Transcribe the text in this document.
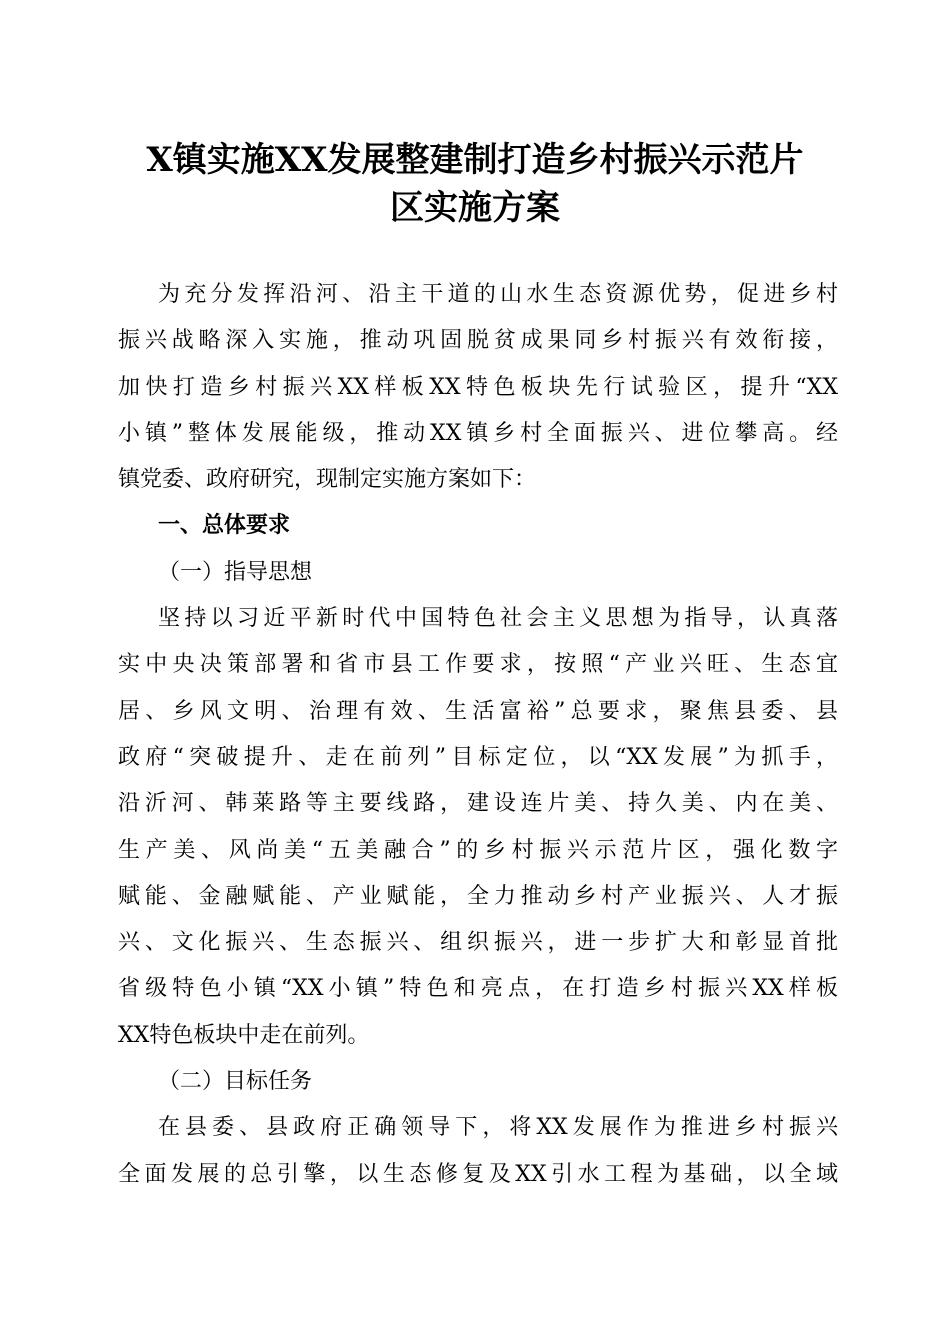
X镇实施XX发展整建制打造乡村振兴示范片
区实施方案
为充分发挥沿河、沿主干道的山水生态资源优势，促进乡村
振兴战略深入实施，推动巩固脱贫成果同乡村振兴有效衔接，
加快打造乡村振兴XX样板XX特色板块先行试验区，提升“XX
小镇”整体发展能级，推动XX镇乡村全面振兴、进位攀高。经
镇党委、政府研究，现制定实施方案如下：
一、总体要求
（一）指导思想
坚持以习近平新时代中国特色社会主义思想为指导，认真落
实中央决策部署和省市县工作要求，按照“产业兴旺、生态宜
居、乡风文明、治理有效、生活富裕”总要求，聚焦县委、县
政府“突破提升、走在前列”目标定位，以“XX发展”为抓手，
沿沂河、韩莱路等主要线路，建设连片美、持久美、内在美、
生产美、风尚美“五美融合”的乡村振兴示范片区，强化数字
赋能、金融赋能、产业赋能，全力推动乡村产业振兴、人才振
兴、文化振兴、生态振兴、组织振兴，进一步扩大和彰显首批
省级特色小镇“XX小镇”特色和亮点，在打造乡村振兴XX样板
XX特色板块中走在前列。
（二）目标任务
在县委、县政府正确领导下，将XX发展作为推进乡村振兴
全面发展的总引擎，以生态修复及XX引水工程为基础，以全域
